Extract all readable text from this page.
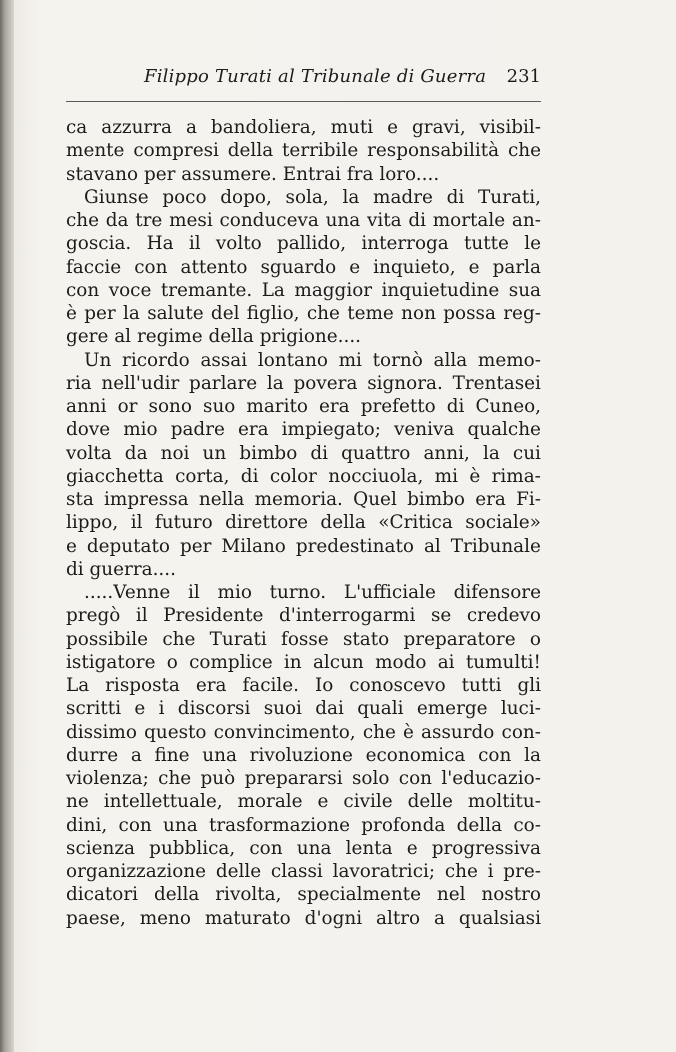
Filippo Turati al Tribunale di Guerra 231
ca azzurra a bandoliera, muti e gravi, visibil-
mente compresi della terribile responsabilità che
stavano per assumere. Entrai fra loro....
Giunse poco dopo, sola, la madre di Turati,
che da tre mesi conduceva una vita di mortale an-
goscia. Ha il volto pallido, interroga tutte le
faccie con attento sguardo e inquieto, e parla
con voce tremante. La maggior inquietudine sua
è per la salute del figlio, che teme non possa reg-
gere al regime della prigione....
Un ricordo assai lontano mi tornò alla memo-
ria nell'udir parlare la povera signora. Trentasei
anni or sono suo marito era prefetto di Cuneo,
dove mio padre era impiegato; veniva qualche
volta da noi un bimbo di quattro anni, la cui
giacchetta corta, di color nocciuola, mi è rima-
sta impressa nella memoria. Quel bimbo era Fi-
lippo, il futuro direttore della «Critica sociale»
e deputato per Milano predestinato al Tribunale
di guerra....
.....Venne il mio turno. L'ufficiale difensore
pregò il Presidente d'interrogarmi se credevo
possibile che Turati fosse stato preparatore o
istigatore o complice in alcun modo ai tumulti!
La risposta era facile. Io conoscevo tutti gli
scritti e i discorsi suoi dai quali emerge luci-
dissimo questo convincimento, che è assurdo con-
durre a fine una rivoluzione economica con la
violenza; che può prepararsi solo con l'educazio-
ne intellettuale, morale e civile delle moltitu-
dini, con una trasformazione profonda della co-
scienza pubblica, con una lenta e progressiva
organizzazione delle classi lavoratrici; che i pre-
dicatori della rivolta, specialmente nel nostro
paese, meno maturato d'ogni altro a qualsiasi
